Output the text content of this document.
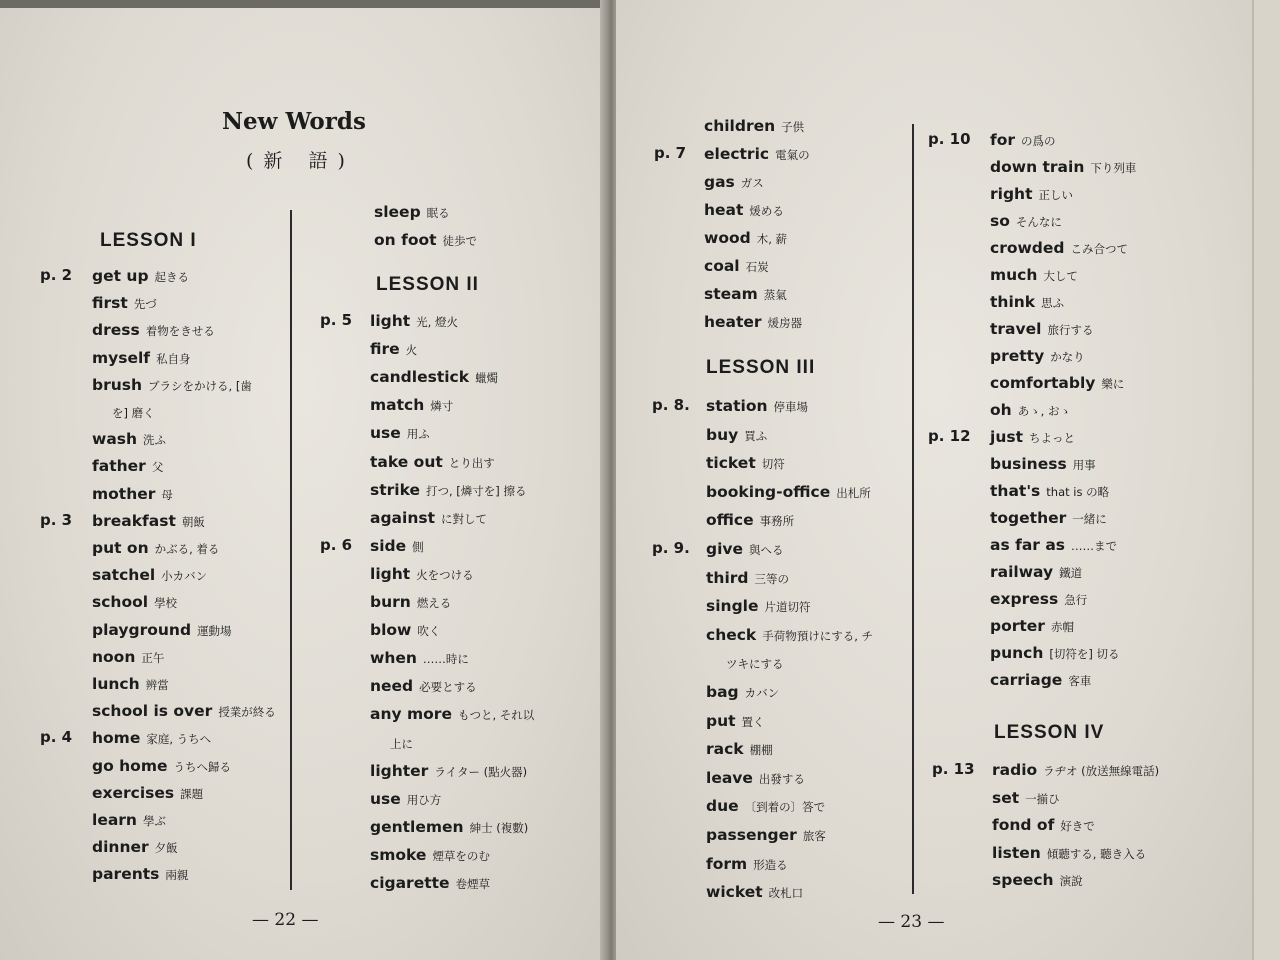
New Words
(新 語)
LESSON I
p. 2 get up 起きる
first 先づ
dress 着物をきせる
myself 私自身
brush ブラシをかける, [歯
を] 磨く
wash 洗ふ
father 父
mother 母
p. 3 breakfast 朝飯
put on かぶる, 着る
satchel 小カバン
school 學校
playground 運動場
noon 正午
lunch 辨當
school is over 授業が終る
p. 4 home 家庭, うちへ
go home うちへ歸る
exercises 課題
learn 學ぶ
dinner 夕飯
parents 兩親
sleep 眠る
on foot 徒歩で
LESSON II
p. 5 light 光, 燈火
fire 火
candlestick 蠟燭
match 燐寸
use 用ふ
take out とり出す
strike 打つ, [燐寸を] 擦る
against に對して
p. 6 side 側
light 火をつける
burn 燃える
blow 吹く
when ……時に
need 必要とする
any more もつと, それ以
上に
lighter ライター (點火器)
use 用ひ方
gentlemen 紳士 (複數)
smoke 煙草をのむ
cigarette 卷煙草
— 22 —
children 子供
p. 7 electric 電氣の
gas ガス
heat 煖める
wood 木, 薪
coal 石炭
steam 蒸氣
heater 煖房器
LESSON III
p. 8. station 停車場
buy 買ふ
ticket 切符
booking-office 出札所
office 事務所
p. 9. give 與へる
third 三等の
single 片道切符
check 手荷物預けにする, チ
ツキにする
bag カバン
put 置く
rack 棚棚
leave 出發する
due 〔到着の〕答で
passenger 旅客
form 形造る
wicket 改札口
p. 10 for の爲の
down train 下り列車
right 正しい
so そんなに
crowded こみ合つて
much 大して
think 思ふ
travel 旅行する
pretty かなり
comfortably 樂に
oh あゝ, おゝ
p. 12 just ちよっと
business 用事
that's that is の略
together 一緒に
as far as ……まで
railway 鐵道
express 急行
porter 赤帽
punch [切符を] 切る
carriage 客車
LESSON IV
p. 13 radio ラヂオ (放送無線電話)
set 一揃ひ
fond of 好きで
listen 傾聽する, 聽き入る
speech 演說
— 23 —
